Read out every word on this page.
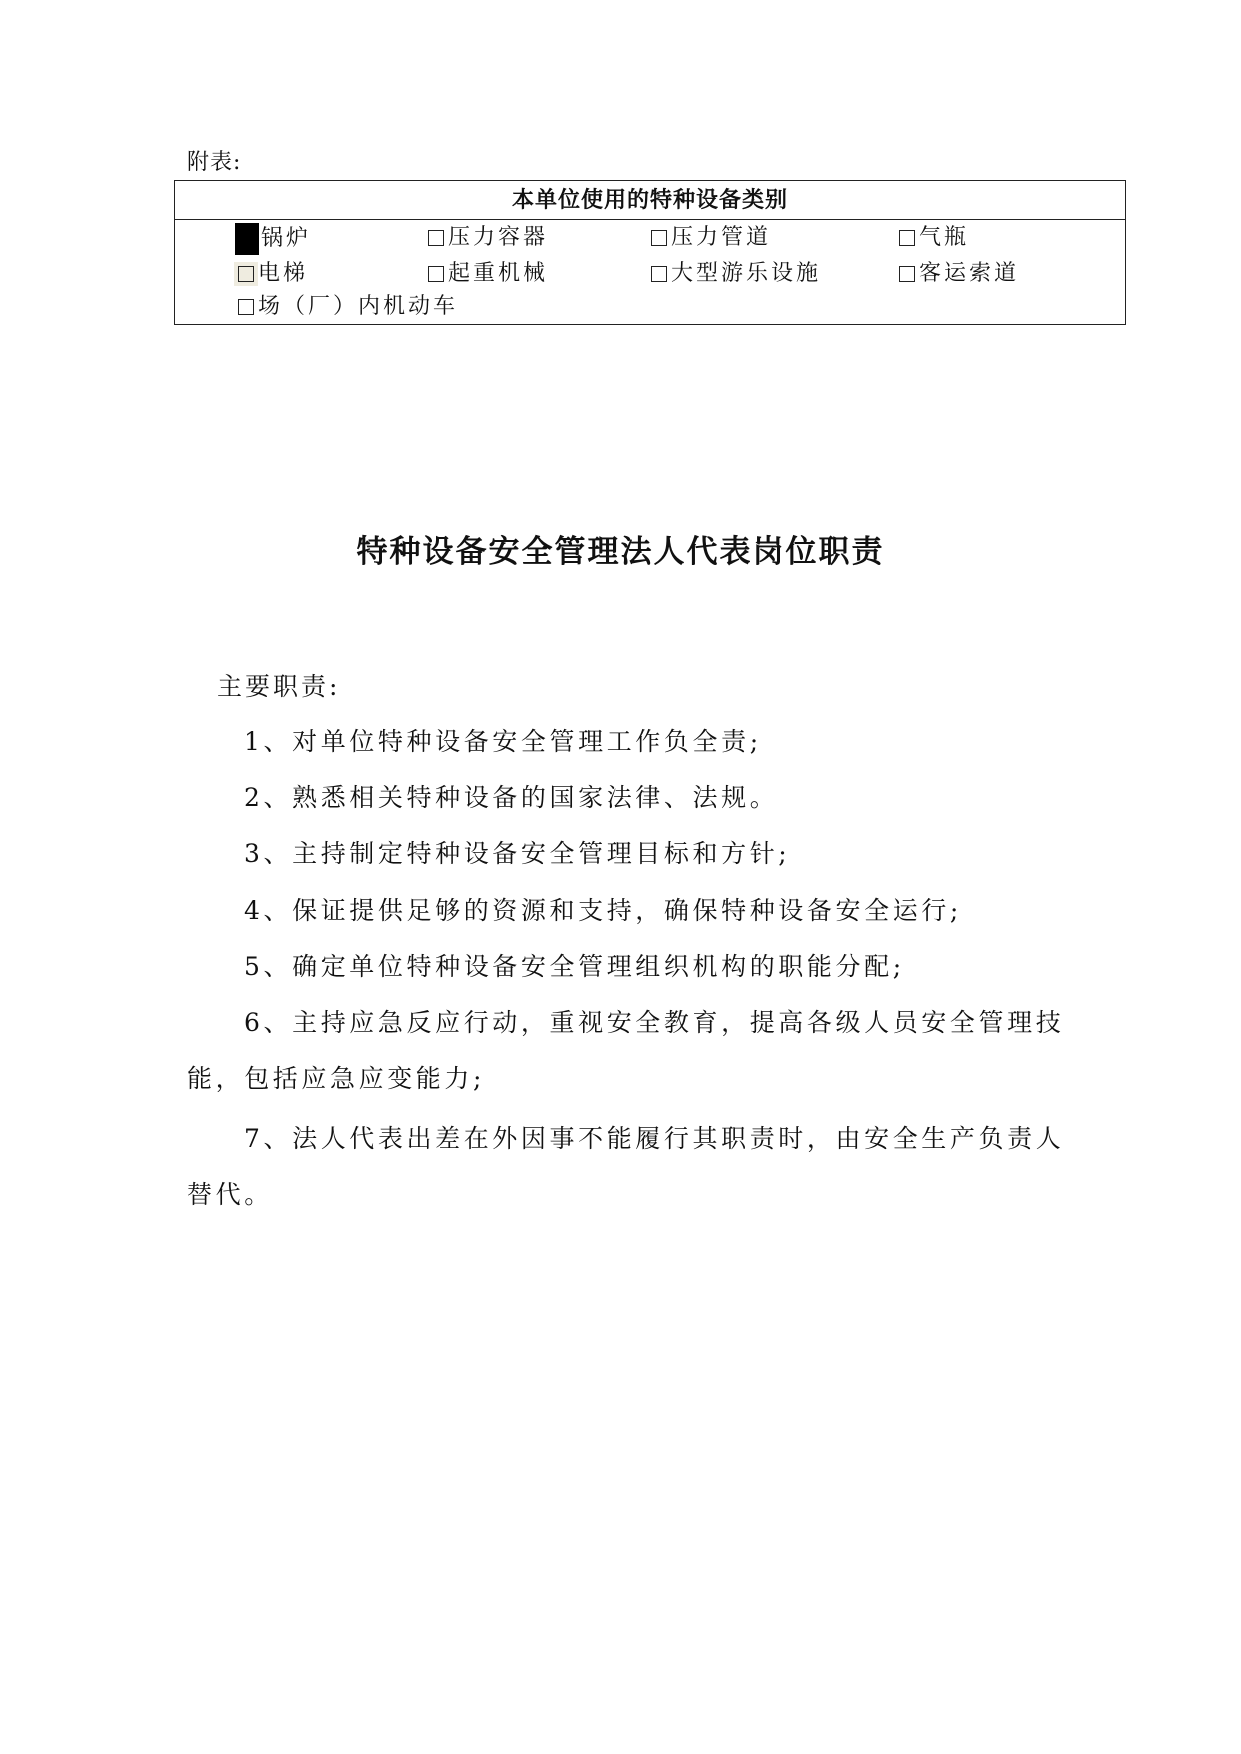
附表:
本单位使用的特种设备类别
锅炉	压力容器	压力管道	气瓶
电梯	起重机械	大型游乐设施	客运索道
场（厂）内机动车
特种设备安全管理法人代表岗位职责
主要职责:
1、对单位特种设备安全管理工作负全责;
2、熟悉相关特种设备的国家法律、法规。
3、主持制定特种设备安全管理目标和方针;
4、保证提供足够的资源和支持，确保特种设备安全运行;
5、确定单位特种设备安全管理组织机构的职能分配;
6、主持应急反应行动，重视安全教育，提高各级人员安全管理技能，包括应急应变能力;
7、法人代表出差在外因事不能履行其职责时，由安全生产负责人替代。
